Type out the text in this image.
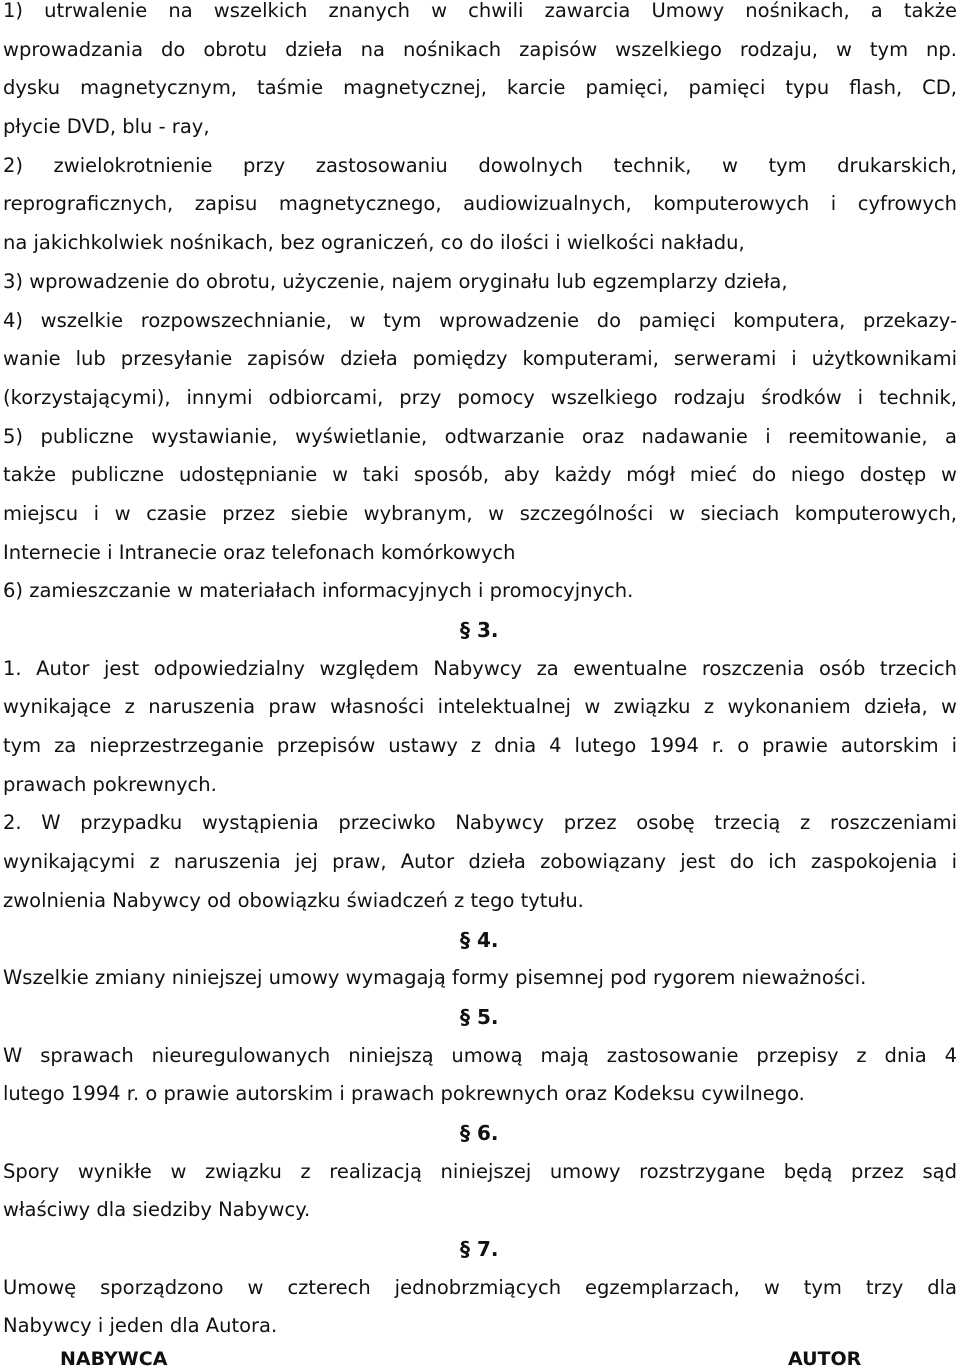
1) utrwalenie na wszelkich znanych w chwili zawarcia Umowy nośnikach, a także
wprowadzania do obrotu dzieła na nośnikach zapisów wszelkiego rodzaju, w tym np.
dysku magnetycznym, taśmie magnetycznej, karcie pamięci, pamięci typu flash, CD,
płycie DVD, blu - ray,
2) zwielokrotnienie przy zastosowaniu dowolnych technik, w tym drukarskich,
reprograficznych, zapisu magnetycznego, audiowizualnych, komputerowych i cyfrowych
na jakichkolwiek nośnikach, bez ograniczeń, co do ilości i wielkości nakładu,
3) wprowadzenie do obrotu, użyczenie, najem oryginału lub egzemplarzy dzieła,
4) wszelkie rozpowszechnianie, w tym wprowadzenie do pamięci komputera, przekazy-
wanie lub przesyłanie zapisów dzieła pomiędzy komputerami, serwerami i użytkownikami
(korzystającymi), innymi odbiorcami, przy pomocy wszelkiego rodzaju środków i technik,
5) publiczne wystawianie, wyświetlanie, odtwarzanie oraz nadawanie i reemitowanie, a
także publiczne udostępnianie w taki sposób, aby każdy mógł mieć do niego dostęp w
miejscu i w czasie przez siebie wybranym, w szczególności w sieciach komputerowych,
Internecie i Intranecie oraz telefonach komórkowych
6) zamieszczanie w materiałach informacyjnych i promocyjnych.
§ 3.
1. Autor jest odpowiedzialny względem Nabywcy za ewentualne roszczenia osób trzecich
wynikające z naruszenia praw własności intelektualnej w związku z wykonaniem dzieła, w
tym za nieprzestrzeganie przepisów ustawy z dnia 4 lutego 1994 r. o prawie autorskim i
prawach pokrewnych.
2. W przypadku wystąpienia przeciwko Nabywcy przez osobę trzecią z roszczeniami
wynikającymi z naruszenia jej praw, Autor dzieła zobowiązany jest do ich zaspokojenia i
zwolnienia Nabywcy od obowiązku świadczeń z tego tytułu.
§ 4.
Wszelkie zmiany niniejszej umowy wymagają formy pisemnej pod rygorem nieważności.
§ 5.
W sprawach nieuregulowanych niniejszą umową mają zastosowanie przepisy z dnia 4
lutego 1994 r. o prawie autorskim i prawach pokrewnych oraz Kodeksu cywilnego.
§ 6.
Spory wynikłe w związku z realizacją niniejszej umowy rozstrzygane będą przez sąd
właściwy dla siedziby Nabywcy.
§ 7.
Umowę sporządzono w czterech jednobrzmiących egzemplarzach, w tym trzy dla
Nabywcy i jeden dla Autora.
NABYWCA	AUTOR
